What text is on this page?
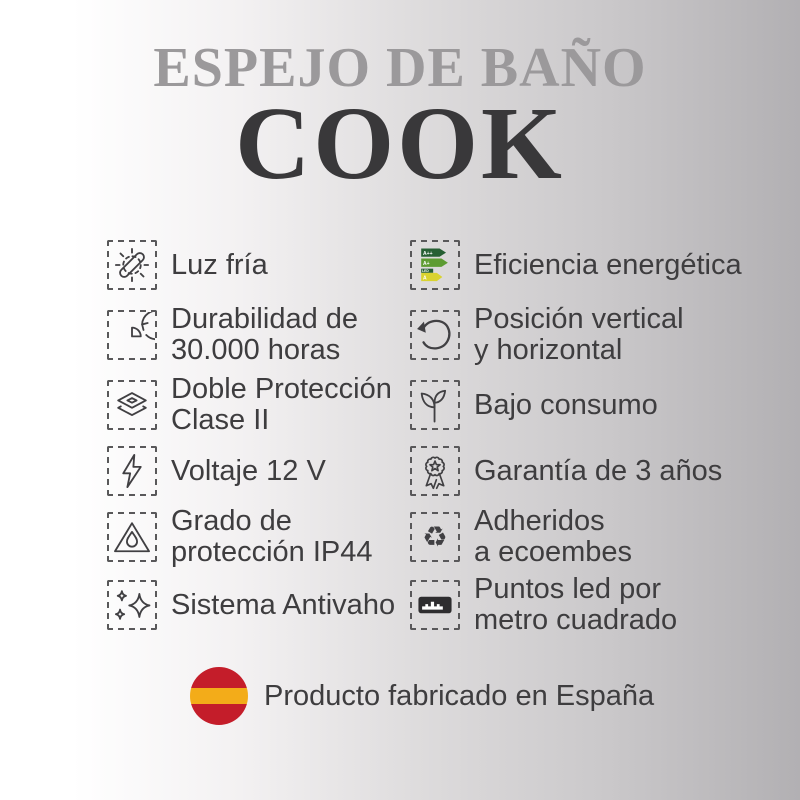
ESPEJO DE BAÑO
COOK
Luz fría
Durabilidad de
30.000 horas
Doble Protección
Clase II
Voltaje 12 V
Grado de
protección IP44
Sistema Antivaho
A++
A+
LED
A Eficiencia energética
Posición vertical
y horizontal
Bajo consumo
Garantía de 3 años
♻ Adheridos
a ecoembes
Puntos led por
metro cuadrado
Producto fabricado en España
